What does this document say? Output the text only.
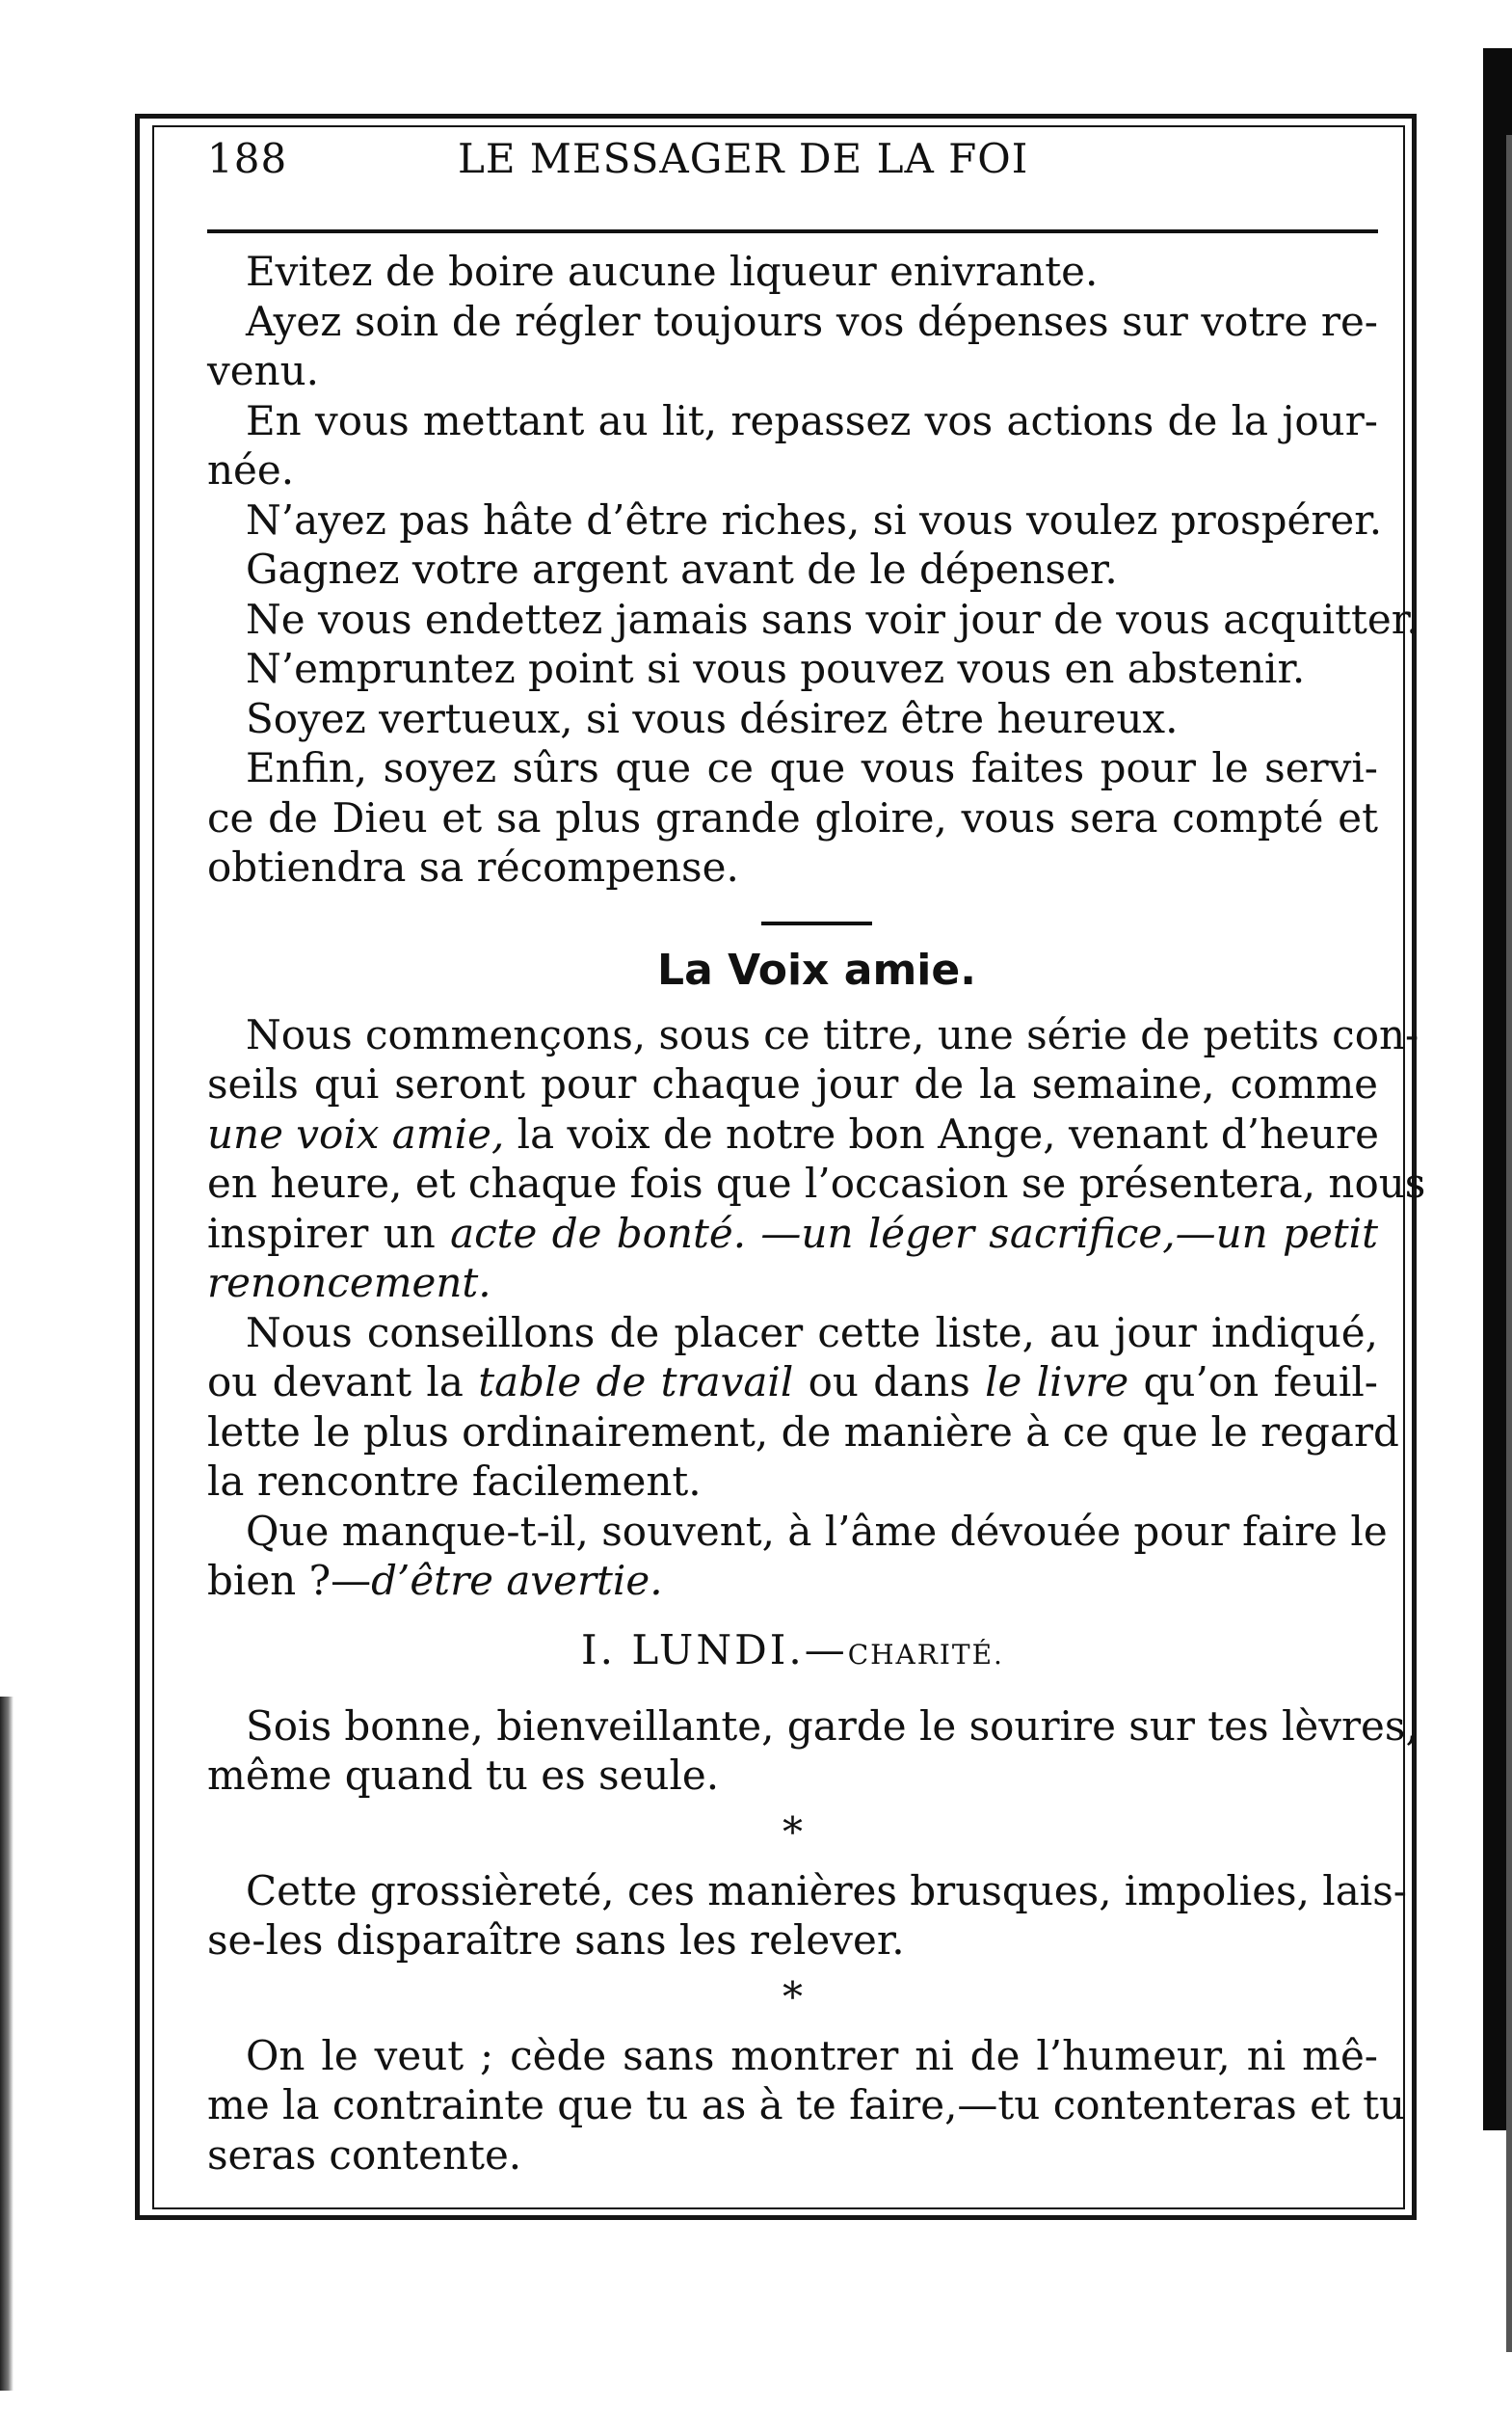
188	LE MESSAGER DE LA FOI
Evitez de boire aucune liqueur enivrante.
Ayez soin de régler toujours vos dépenses sur votre re-
venu.
En vous mettant au lit, repassez vos actions de la jour-
née.
N’ayez pas hâte d’être riches, si vous voulez prospérer.
Gagnez votre argent avant de le dépenser.
Ne vous endettez jamais sans voir jour de vous acquitter.
N’empruntez point si vous pouvez vous en abstenir.
Soyez vertueux, si vous désirez être heureux.
Enfin, soyez sûrs que ce que vous faites pour le servi-
ce de Dieu et sa plus grande gloire, vous sera compté et
obtiendra sa récompense.
La Voix amie.
Nous commençons, sous ce titre, une série de petits con-
seils qui seront pour chaque jour de la semaine, comme
une voix amie, la voix de notre bon Ange, venant d’heure
en heure, et chaque fois que l’occasion se présentera, nous
inspirer un acte de bonté. —un léger sacrifice,—un petit
renoncement.
Nous conseillons de placer cette liste, au jour indiqué,
ou devant la table de travail ou dans le livre qu’on feuil-
lette le plus ordinairement, de manière à ce que le regard
la rencontre facilement.
Que manque-t-il, souvent, à l’âme dévouée pour faire le
bien ?—d’être avertie.
I. LUNDI.—CHARITÉ.
Sois bonne, bienveillante, garde le sourire sur tes lèvres,
même quand tu es seule.
*
Cette grossièreté, ces manières brusques, impolies, lais-
se-les disparaître sans les relever.
*
On le veut ; cède sans montrer ni de l’humeur, ni mê-
me la contrainte que tu as à te faire,—tu contenteras et tu
seras contente.
